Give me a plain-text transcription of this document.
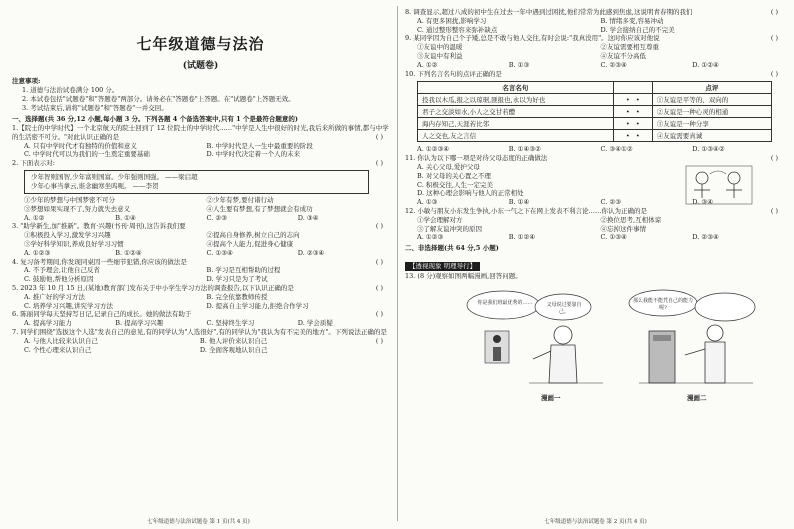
七年级道德与法治
(试题卷)
注意事项:
1. 道德与法治试卷满分 100 分。
2. 本试卷包括"试题卷"和"答题卷"两部分。请务必在"答题卷"上答题。在"试题卷"上答题无效。
3. 考试结束后,请将"试题卷"和"答题卷"一并交回。
一、选择题(共 36 分,12 小题,每小题 3 分。下列各题 4 个备选答案中,只有 1 个是最符合题意的)
1.【院士的中学时代】一个北京航天的院士回到了 12 位院士的中学时代……"中学是人生中很好的时光,我后来所做的事情,都与中学的生活密不可分。"对此认识正确的是	( )
A. 只有中学时代才有独特的价值和意义	B. 中学时代是人一生中最重要的阶段
C. 中学时代可以为我们的一生奠定重要基础	D. 中学时代决定着一个人的未来
2. 下面表示对:	( )
少年智则国智,少年富则国富。少年强则国强。 ——梁启超
少年心事当拿云,谁念幽寒坐呜呃。 ——李贺
①少年的梦想与中国梦密不可分	②少年有梦,要付诸行动
③梦想如果实现不了,努力就失去意义	④人生要有梦想,有了梦想就会有成功
A. ①②	B. ①④	C. ②③	D. ③④
3. "助学新生,加"推新"。教育·兴趣(书刊·周刊),这告诉我们要	( )
①积极投入学习,激发学习兴趣	②提高自身修养,树立自己的志向
③学好科学知识,养成良好学习习惯	④提高个人能力,促进身心健康
A. ①②③	B. ①②④	C. ①③④	D. ②③④
4. 复习备考期间,你发现同桌因一些细节犯错,你应该的做法是	( )
A. 不予理会,让他自己反省	B. 学习是互相帮助的过程
C. 鼓励他,帮他分析原因	D. 学习只是为了考试
5. 2023 年 10 月 15 日,(某地)教育部门发布关于中小学生学习方法的调查报告,以下认识正确的是	( )
A. 推广好的学习方法	B. 完全依靠教师传授
C. 培养学习兴趣,讲究学习方法	D. 提高自主学习能力,拒绝合作学习
6. 陈丽同学每天坚持写日记,记录自己的成长。她的做法有助于	( )
A. 提高学习能力	B. 提高学习兴趣	C. 坚持终生学习	D. 学会质疑
7. 同学们围绕"选拔这个人选"发表自己的意见,有的同学认为"人选很好",有的同学认为"我认为有不完美的地方"。下列说法正确的是
( )
A. 与他人比较来认识自己	B. 他人评价来认识自己
C. 个性心理来认识自己	D. 全面客观地认识自己
七年级道德与法治试题卷 第 1 页(共 4 页)
8. 调查显示,超过八成的初中生在过去一年中遇到过困扰,他们常常为此感到焦虑,这说明青春期的我们	( )
A. 有更多困扰,影响学习	B. 情绪多变,容易冲动
C. 通过整形整容来弥补缺点	D. 学会接纳自己的不完美
9. 某同学因为自己个子矮,总是不敢与他人交往,有时会说:"我真没用"。这时你应该对他说	( )
①友谊中的温暖	②友谊需要相互尊重
③友谊中有利益	④友谊不分高低
A. ①②	B. ①③	C. ②③④	D. ①②④
10. 下列名言名句的点评正确的是	( )
名言名句		点评
投我以木瓜,报之以琼琚,匪报也,永以为好也	•   •	①友谊是平等的、双向的
君子之交淡如水,小人之交甘若醴	•   •	②友谊是一种心灵的相通
海内存知己,天涯若比邻	•   •	③友谊是一种分享
人之交也,友之言信	•   •	④友谊需要真诚
A. ①②③④	B. ①④③②	C. ③④①②	D. ①③④②
11. 你认为以下哪一项是对待父母态度的正确做法	( )
A. 关心父母,爱护父母
B. 对父母的关心置之不理
C. 积极交往,人生一定完美
D. 这种心理会影响与他人的正常相处
A. ①③	B. ①④	C. ②③	D. ③④
12. 小敏与朋友小东发生争执,小东一气之下在网上发表不利言论……你认为正确的是	( )
①学会理解对方	②换位思考,互相体谅
③了解友谊冲突的原因	④忘掉这件事情
A. ①②③	B. ①②④	C. ①③④	D. ②③④
二、非选择题(共 64 分,5 小题)
【透视现象 明理导行】
13. (8 分)观察如图两幅漫画,回答问题。
你是我们班最优秀的……	父母说过要靠自己。
那么我能不能凭自己的能力呢?
漫画一	漫画二
七年级道德与法治试题卷 第 2 页(共 4 页)
